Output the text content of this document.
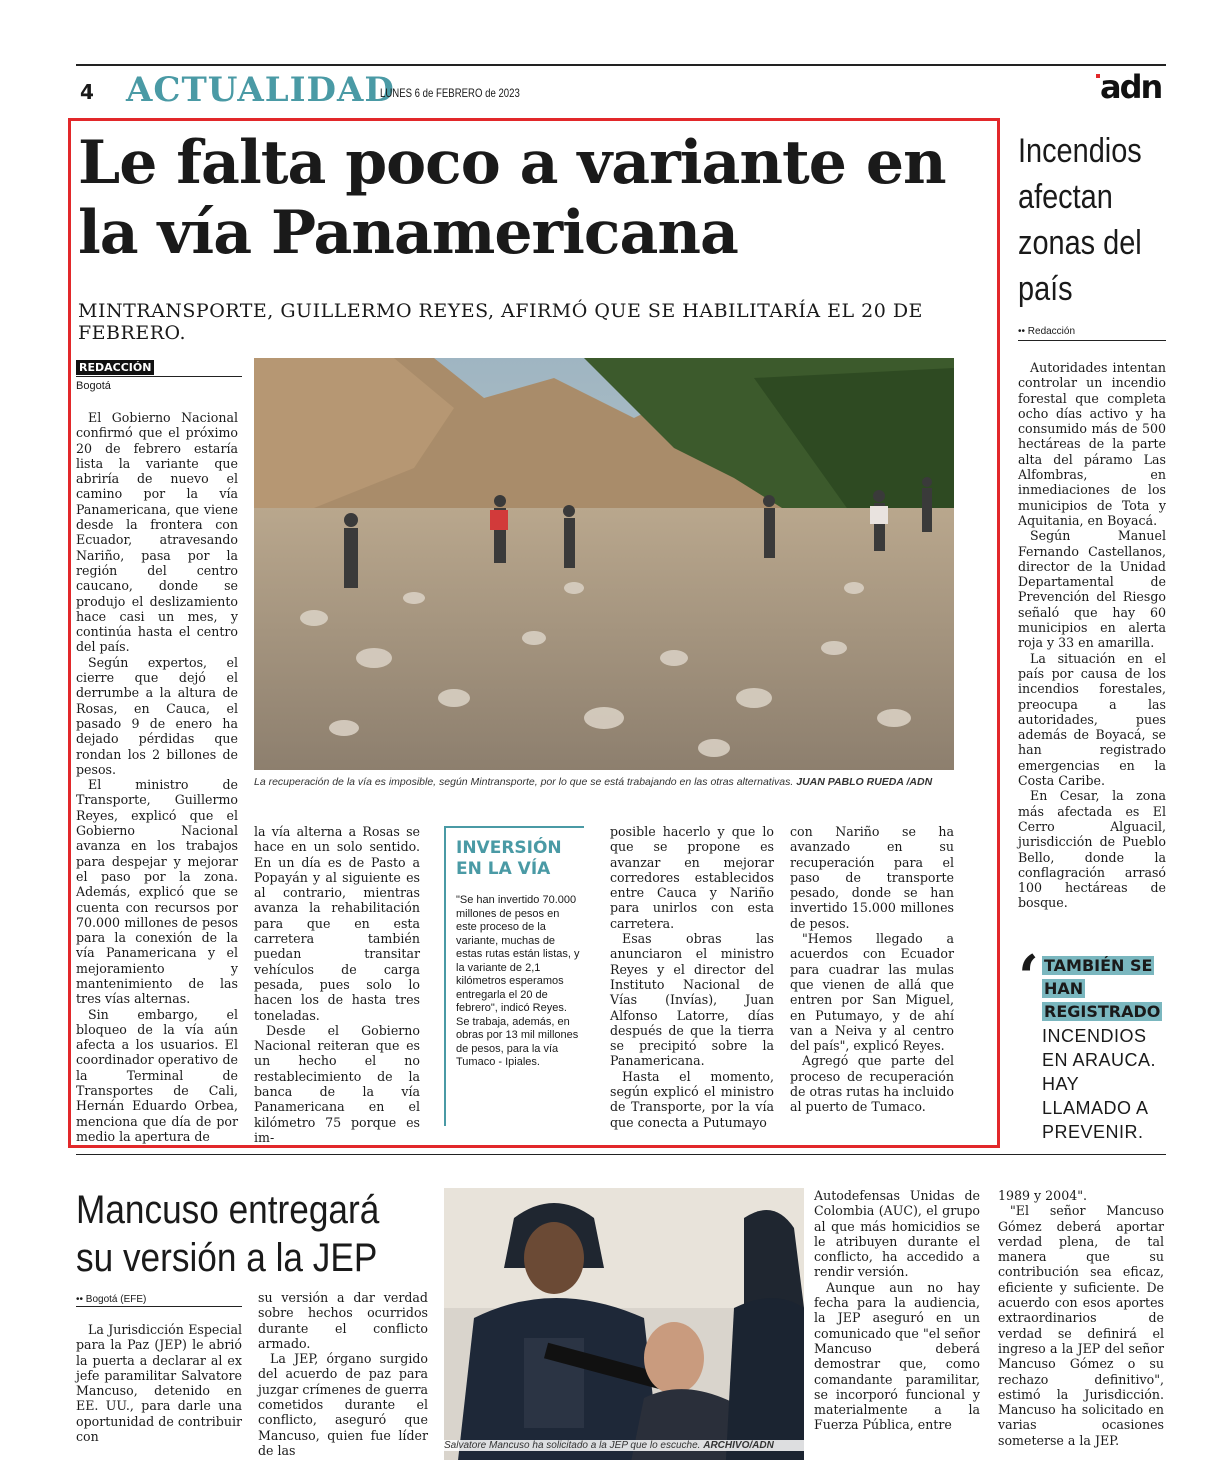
4 ACTUALIDAD
LUNES 6 de FEBRERO de 2023	adn
Le falta poco a variante en la vía Panamericana
MINTRANSPORTE, GUILLERMO REYES, AFIRMÓ QUE SE HABILITARÍA EL 20 DE FEBRERO.
REDACCIÓN
Bogotá

El Gobierno Nacional confirmó que el próximo 20 de febrero estaría lista la variante que abriría de nuevo el camino por la vía Panamericana, que viene desde la frontera con Ecuador, atravesando Nariño, pasa por la región del centro caucano, donde se produjo el deslizamiento hace casi un mes, y continúa hasta el centro del país.

Según expertos, el cierre que dejó el derrumbe a la altura de Rosas, en Cauca, el pasado 9 de enero ha dejado pérdidas que rondan los 2 billones de pesos.

El ministro de Transporte, Guillermo Reyes, explicó que el Gobierno Nacional avanza en los trabajos para despejar y mejorar el paso por la zona. Además, explicó que se cuenta con recursos por 70.000 millones de pesos para la conexión de la vía Panamericana y el mejoramiento y mantenimiento de las tres vías alternas.

Sin embargo, el bloqueo de la vía aún afecta a los usuarios. El coordinador operativo de la Terminal de Transportes de Cali, Hernán Eduardo Orbea, menciona que día de por medio la apertura de

La recuperación de la vía es imposible, según Mintransporte, por lo que se está trabajando en las otras alternativas. JUAN PABLO RUEDA /ADN

la vía alterna a Rosas se hace en un solo sentido. En un día es de Pasto a Popayán y al siguiente es al contrario, mientras avanza la rehabilitación para que en esta carretera también puedan transitar vehículos de carga pesada, pues solo lo hacen los de hasta tres toneladas.

Desde el Gobierno Nacional reiteran que es un hecho el no restablecimiento de la banca de la vía Panamericana en el kilómetro 75 porque es im-

INVERSIÓN EN LA VÍA
"Se han invertido 70.000 millones de pesos en este proceso de la variante, muchas de estas rutas están listas, y la variante de 2,1 kilómetros esperamos entregarla el 20 de febrero", indicó Reyes. Se trabaja, además, en obras por 13 mil millones de pesos, para la vía Tumaco - Ipiales.

posible hacerlo y que lo que se propone es avanzar en mejorar corredores establecidos entre Cauca y Nariño para unirlos con esta carretera.

Esas obras las anunciaron el ministro Reyes y el director del Instituto Nacional de Vías (Invías), Juan Alfonso Latorre, días después de que la tierra se precipitó sobre la Panamericana.

Hasta el momento, según explicó el ministro de Transporte, por la vía que conecta a Putumayo

con Nariño se ha avanzado en su recuperación para el paso de transporte pesado, donde se han invertido 15.000 millones de pesos.

"Hemos llegado a acuerdos con Ecuador para cuadrar las mulas que vienen de allá que entren por San Miguel, en Putumayo, y de ahí van a Neiva y al centro del país", explicó Reyes.

Agregó que parte del proceso de recuperación de otras rutas ha incluido al puerto de Tumaco.

Incendios afectan zonas del país
•• Redacción

Autoridades intentan controlar un incendio forestal que completa ocho días activo y ha consumido más de 500 hectáreas de la parte alta del páramo Las Alfombras, en inmediaciones de los municipios de Tota y Aquitania, en Boyacá.

Según Manuel Fernando Castellanos, director de la Unidad Departamental de Prevención del Riesgo señaló que hay 60 municipios en alerta roja y 33 en amarilla.

La situación en el país por causa de los incendios forestales, preocupa a las autoridades, pues además de Boyacá, se han registrado emergencias en la Costa Caribe.

En Cesar, la zona más afectada es El Cerro Alguacil, jurisdicción de Pueblo Bello, donde la conflagración arrasó 100 hectáreas de bosque.

‘ TAMBIÉN SE
HAN
REGISTRADO
INCENDIOS EN ARAUCA. HAY LLAMADO A PREVENIR.
Mancuso entregará su versión a la JEP
•• Bogotá (EFE)

La Jurisdicción Especial para la Paz (JEP) le abrió la puerta a declarar al ex jefe paramilitar Salvatore Mancuso, detenido en EE. UU., para darle una oportunidad de contribuir con

su versión a dar verdad sobre hechos ocurridos durante el conflicto armado.

La JEP, órgano surgido del acuerdo de paz para juzgar crímenes de guerra cometidos durante el conflicto, aseguró que Mancuso, quien fue líder de las

Autodefensas Unidas de Colombia (AUC), el grupo al que más homicidios se le atribuyen durante el conflicto, ha accedido a rendir versión.

Aunque aun no hay fecha para la audiencia, la JEP aseguró en un comunicado que "el señor Mancuso deberá demostrar que, como comandante paramilitar, se incorporó funcional y materialmente a la Fuerza Pública, entre

1989 y 2004".

"El señor Mancuso Gómez deberá aportar verdad plena, de tal manera que su contribución sea eficaz, eficiente y suficiente. De acuerdo con esos aportes extraordinarios de verdad se definirá el ingreso a la JEP del señor Mancuso Gómez o su rechazo definitivo", estimó la Jurisdicción. Mancuso ha solicitado en varias ocasiones someterse a la JEP.

Salvatore Mancuso ha solicitado a la JEP que lo escuche. ARCHIVO/ADN
